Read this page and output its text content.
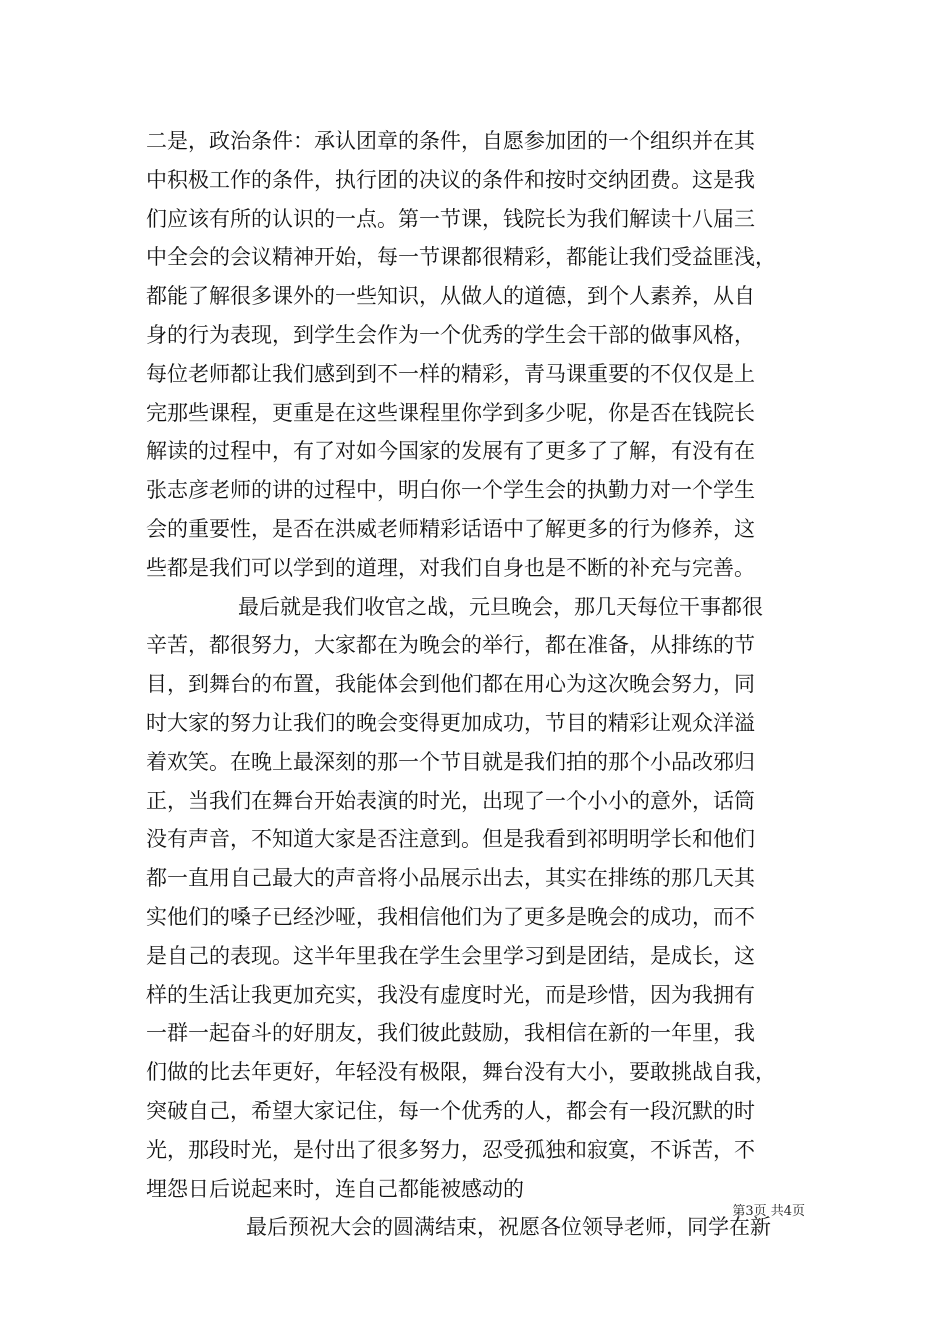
二是，政治条件：承认团章的条件，自愿参加团的一个组织并在其
中积极工作的条件，执行团的决议的条件和按时交纳团费。这是我
们应该有所的认识的一点。第一节课，钱院长为我们解读十八届三
中全会的会议精神开始，每一节课都很精彩，都能让我们受益匪浅，
都能了解很多课外的一些知识，从做人的道德，到个人素养，从自
身的行为表现，到学生会作为一个优秀的学生会干部的做事风格，
每位老师都让我们感到到不一样的精彩，青马课重要的不仅仅是上
完那些课程，更重是在这些课程里你学到多少呢，你是否在钱院长
解读的过程中，有了对如今国家的发展有了更多了了解，有没有在
张志彦老师的讲的过程中，明白你一个学生会的执勤力对一个学生
会的重要性，是否在洪威老师精彩话语中了解更多的行为修养，这
些都是我们可以学到的道理，对我们自身也是不断的补充与完善。
最后就是我们收官之战，元旦晚会，那几天每位干事都很
辛苦，都很努力，大家都在为晚会的举行，都在准备，从排练的节
目，到舞台的布置，我能体会到他们都在用心为这次晚会努力，同
时大家的努力让我们的晚会变得更加成功，节目的精彩让观众洋溢
着欢笑。在晚上最深刻的那一个节目就是我们拍的那个小品改邪归
正，当我们在舞台开始表演的时光，出现了一个小小的意外，话筒
没有声音，不知道大家是否注意到。但是我看到祁明明学长和他们
都一直用自己最大的声音将小品展示出去，其实在排练的那几天其
实他们的嗓子已经沙哑，我相信他们为了更多是晚会的成功，而不
是自己的表现。这半年里我在学生会里学习到是团结，是成长，这
样的生活让我更加充实，我没有虚度时光，而是珍惜，因为我拥有
一群一起奋斗的好朋友，我们彼此鼓励，我相信在新的一年里，我
们做的比去年更好，年轻没有极限，舞台没有大小，要敢挑战自我，
突破自己，希望大家记住，每一个优秀的人，都会有一段沉默的时
光，那段时光，是付出了很多努力，忍受孤独和寂寞，不诉苦，不
埋怨日后说起来时，连自己都能被感动的
最后预祝大会的圆满结束，祝愿各位领导老师，同学在新
第3页 共4页
